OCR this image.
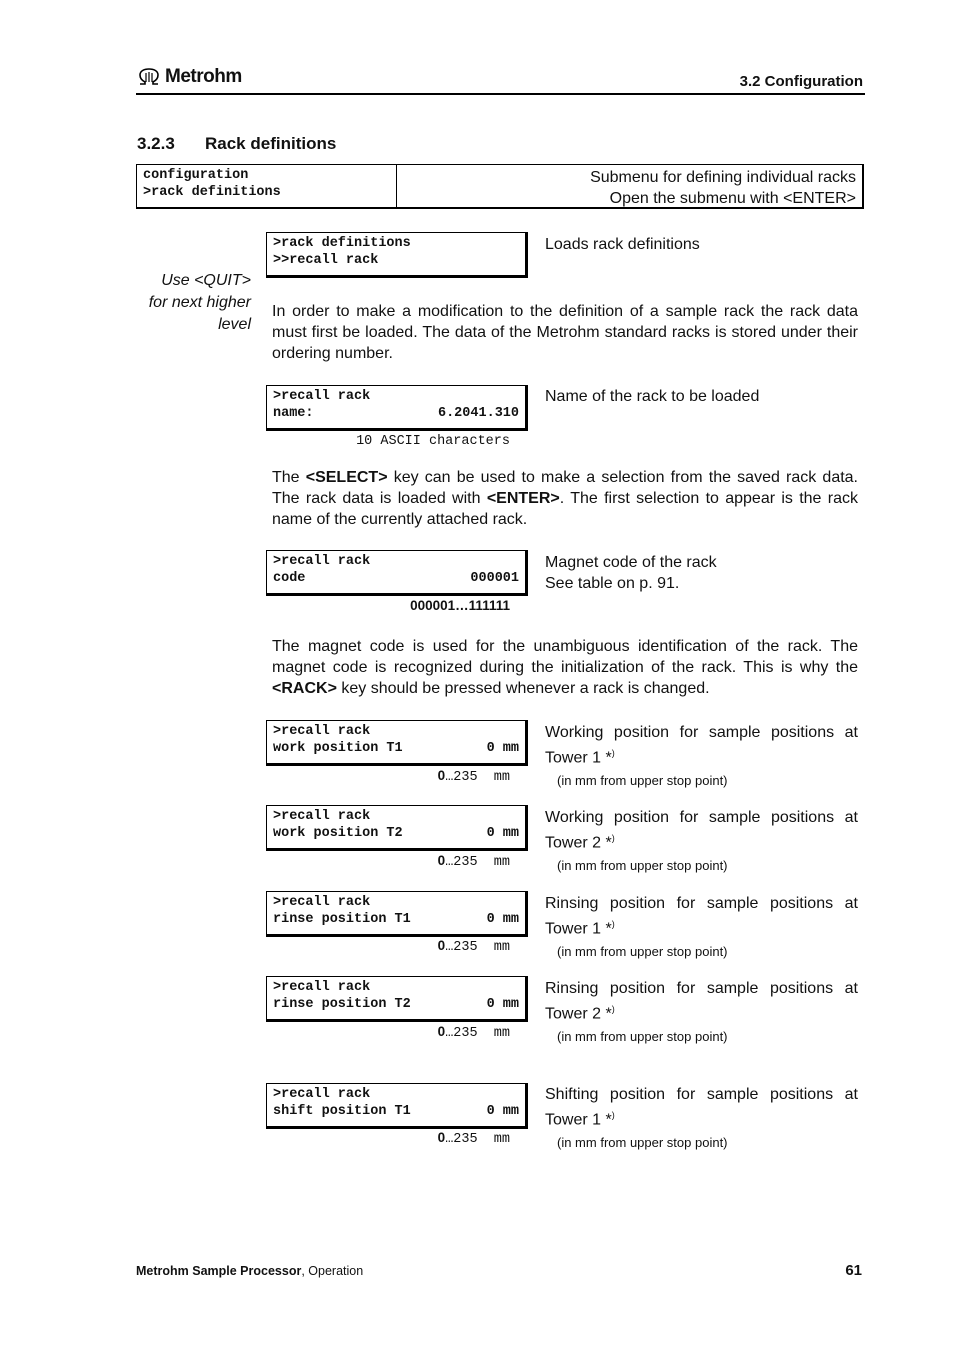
Metrohm	3.2 Configuration
3.2.3 Rack definitions
configuration
>rack definitions
Submenu for defining individual racks
Open the submenu with <ENTER>
Use <QUIT>
for next higher
level
>rack definitions
>>recall rack
Loads rack definitions
In order to make a modification to the definition of a sample rack the rack data must first be loaded. The data of the Metrohm standard racks is stored under their ordering number.
>recall rack
name:	6.2041.310
10 ASCII characters
Name of the rack to be loaded
The <SELECT> key can be used to make a selection from the saved rack data. The rack data is loaded with <ENTER>. The first selection to appear is the rack name of the currently attached rack.
>recall rack
code	000001
000001…111111
Magnet code of the rack
See table on p. 91.
The magnet code is used for the unambiguous identification of the rack. The magnet code is recognized during the initialization of the rack. This is why the <RACK> key should be pressed whenever a rack is changed.
>recall rack
work position T1	0 mm
0…235  mm
Working position for sample positions at Tower 1 *)
(in mm from upper stop point)
>recall rack
work position T2	0 mm
0…235  mm
Working position for sample positions at Tower 2 *)
(in mm from upper stop point)
>recall rack
rinse position T1	0 mm
0…235  mm
Rinsing position for sample positions at Tower 1 *)
(in mm from upper stop point)
>recall rack
rinse position T2	0 mm
0…235  mm
Rinsing position for sample positions at Tower 2 *)
(in mm from upper stop point)
>recall rack
shift position T1	0 mm
0…235  mm
Shifting position for sample positions at Tower 1 *)
(in mm from upper stop point)
Metrohm Sample Processor, Operation	61
